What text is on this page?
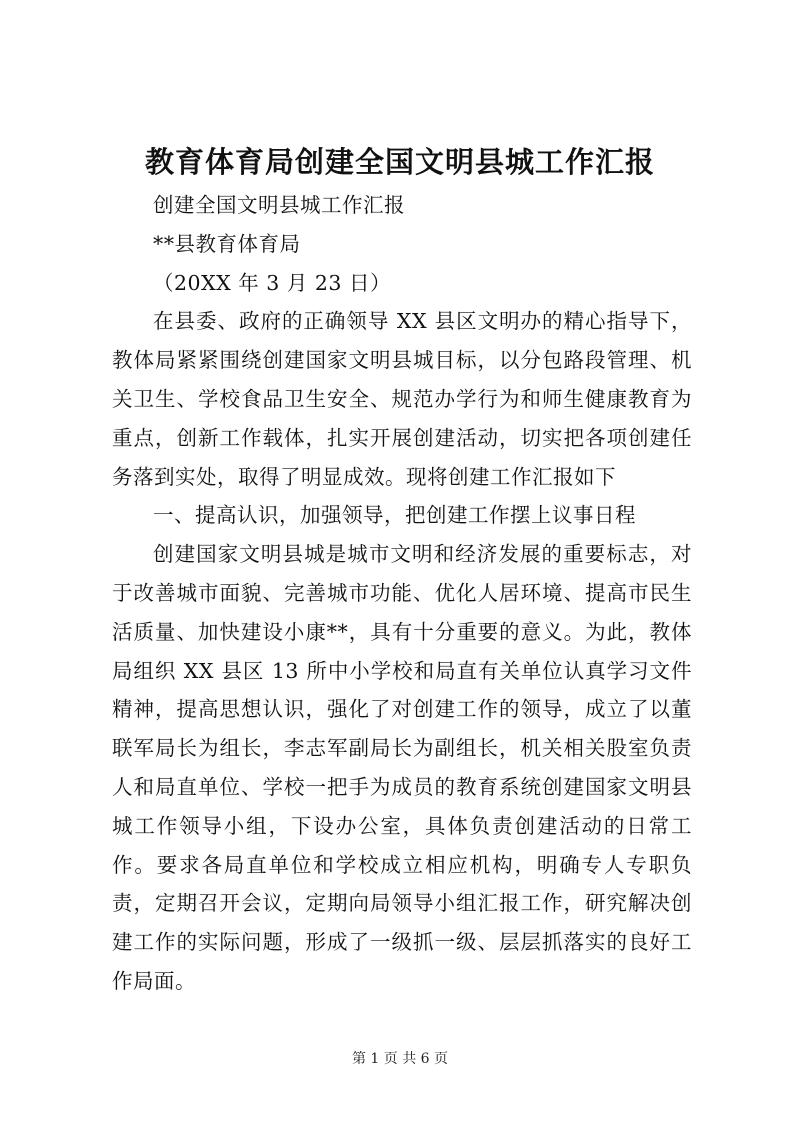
教育体育局创建全国文明县城工作汇报

创建全国文明县城工作汇报

**县教育体育局

（20XX 年 3 月 23 日）

在县委、政府的正确领导 XX 县区文明办的精心指导下，教体局紧紧围绕创建国家文明县城目标，以分包路段管理、机关卫生、学校食品卫生安全、规范办学行为和师生健康教育为重点，创新工作载体，扎实开展创建活动，切实把各项创建任务落到实处，取得了明显成效。现将创建工作汇报如下

一、提高认识，加强领导，把创建工作摆上议事日程

创建国家文明县城是城市文明和经济发展的重要标志，对于改善城市面貌、完善城市功能、优化人居环境、提高市民生活质量、加快建设小康**，具有十分重要的意义。为此，教体局组织 XX 县区 13 所中小学校和局直有关单位认真学习文件精神，提高思想认识，强化了对创建工作的领导，成立了以董联军局长为组长，李志军副局长为副组长，机关相关股室负责人和局直单位、学校一把手为成员的教育系统创建国家文明县城工作领导小组，下设办公室，具体负责创建活动的日常工作。要求各局直单位和学校成立相应机构，明确专人专职负责，定期召开会议，定期向局领导小组汇报工作，研究解决创建工作的实际问题，形成了一级抓一级、层层抓落实的良好工作局面。

第 1 页 共 6 页
